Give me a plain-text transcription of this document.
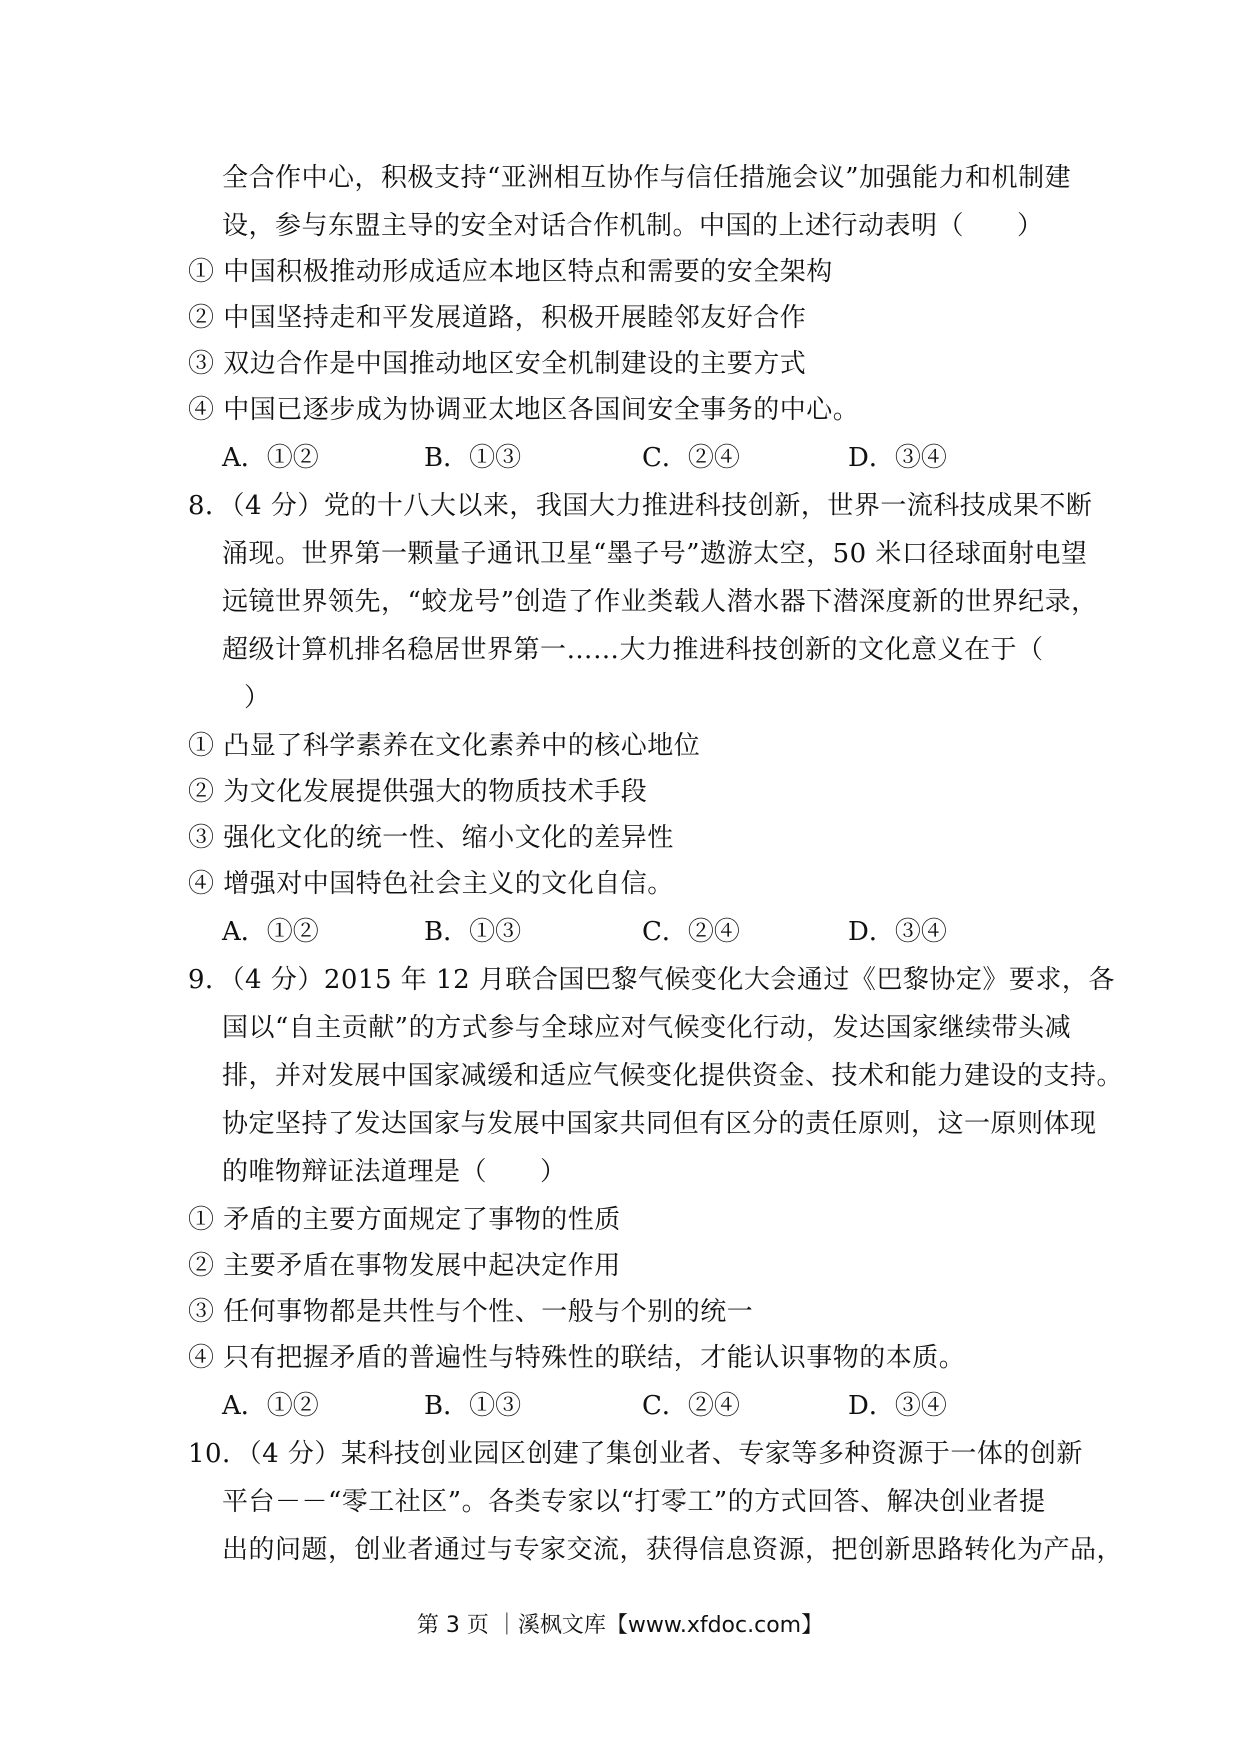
全合作中心，积极支持“亚洲相互协作与信任措施会议”加强能力和机制建
设，参与东盟主导的安全对话合作机制。中国的上述行动表明（　　）
① 中国积极推动形成适应本地区特点和需要的安全架构
② 中国坚持走和平发展道路，积极开展睦邻友好合作
③ 双边合作是中国推动地区安全机制建设的主要方式
④ 中国已逐步成为协调亚太地区各国间安全事务的中心。
A．①②	B．①③	C．②④	D．③④
8．（4 分）党的十八大以来，我国大力推进科技创新，世界一流科技成果不断
涌现。世界第一颗量子通讯卫星“墨子号”遨游太空，50 米口径球面射电望
远镜世界领先，“蛟龙号”创造了作业类载人潜水器下潜深度新的世界纪录，
超级计算机排名稳居世界第一……大力推进科技创新的文化意义在于（
）
① 凸显了科学素养在文化素养中的核心地位
② 为文化发展提供强大的物质技术手段
③ 强化文化的统一性、缩小文化的差异性
④ 增强对中国特色社会主义的文化自信。
A．①②	B．①③	C．②④	D．③④
9．（4 分）2015 年 12 月联合国巴黎气候变化大会通过《巴黎协定》要求，各
国以“自主贡献”的方式参与全球应对气候变化行动，发达国家继续带头减
排，并对发展中国家减缓和适应气候变化提供资金、技术和能力建设的支持。
协定坚持了发达国家与发展中国家共同但有区分的责任原则，这一原则体现
的唯物辩证法道理是（　　）
① 矛盾的主要方面规定了事物的性质
② 主要矛盾在事物发展中起决定作用
③ 任何事物都是共性与个性、一般与个别的统一
④ 只有把握矛盾的普遍性与特殊性的联结，才能认识事物的本质。
A．①②	B．①③	C．②④	D．③④
10．（4 分）某科技创业园区创建了集创业者、专家等多种资源于一体的创新
平台－－“零工社区”。各类专家以“打零工”的方式回答、解决创业者提
出的问题，创业者通过与专家交流，获得信息资源，把创新思路转化为产品，
第 3 页 ｜溪枫文库【www.xfdoc.com】
